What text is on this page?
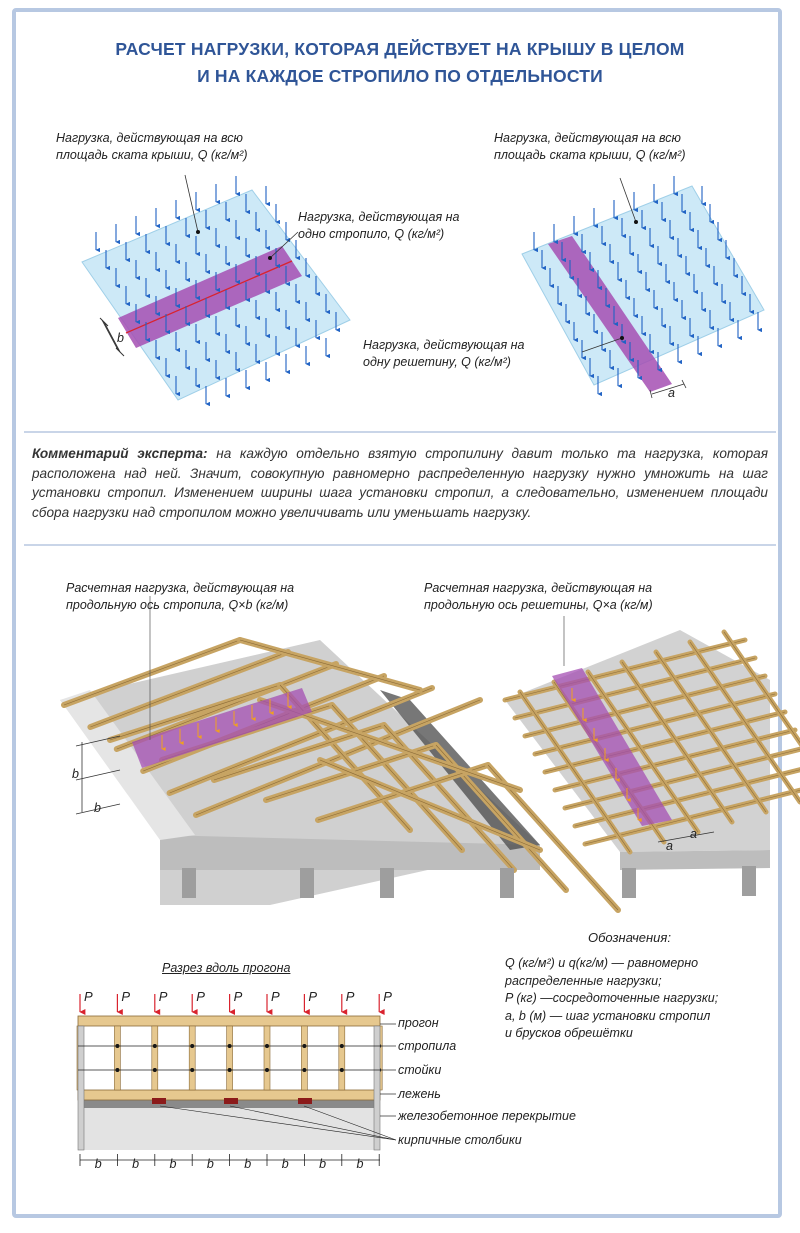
РАСЧЕТ НАГРУЗКИ, КОТОРАЯ ДЕЙСТВУЕТ НА КРЫШУ В ЦЕЛОМ
И НА КАЖДОЕ СТРОПИЛО ПО ОТДЕЛЬНОСТИ
Нагрузка, действующая на всю
площадь ската крыши, Q (кг/м²)
Нагрузка, действующая на
одно стропило, Q (кг/м²)
b
Нагрузка, действующая на всю
площадь ската крыши, Q (кг/м²)
Нагрузка, действующая на
одну решетину, Q (кг/м²)
a
Комментарий эксперта: на каждую отдельно взятую стропилину давит только та нагрузка, которая расположена над ней. Значит, совокупную равномерно распределенную нагрузку нужно умножить на шаг установки стропил. Изменением ширины шага установки стропил, а следовательно, изменением площади сбора нагрузки над стропилом можно увеличивать или уменьшать нагрузку.
Расчетная нагрузка, действующая на
продольную ось стропила, Q×b (кг/м)
b
b
Расчетная нагрузка, действующая на
продольную ось решетины, Q×a (кг/м)
a
a
Обозначения:
Q (кг/м²) и q(кг/м) — равномерно
распределенные нагрузки;
P (кг) —сосредоточенные нагрузки;
a, b (м) — шаг установки стропил
и брусков обрешётки
Разрез вдоль прогона
прогон
стропила
стойки
лежень
железобетонное перекрытие
кирпичные столбики
P P P P P P P P P
b b b b b b b b
